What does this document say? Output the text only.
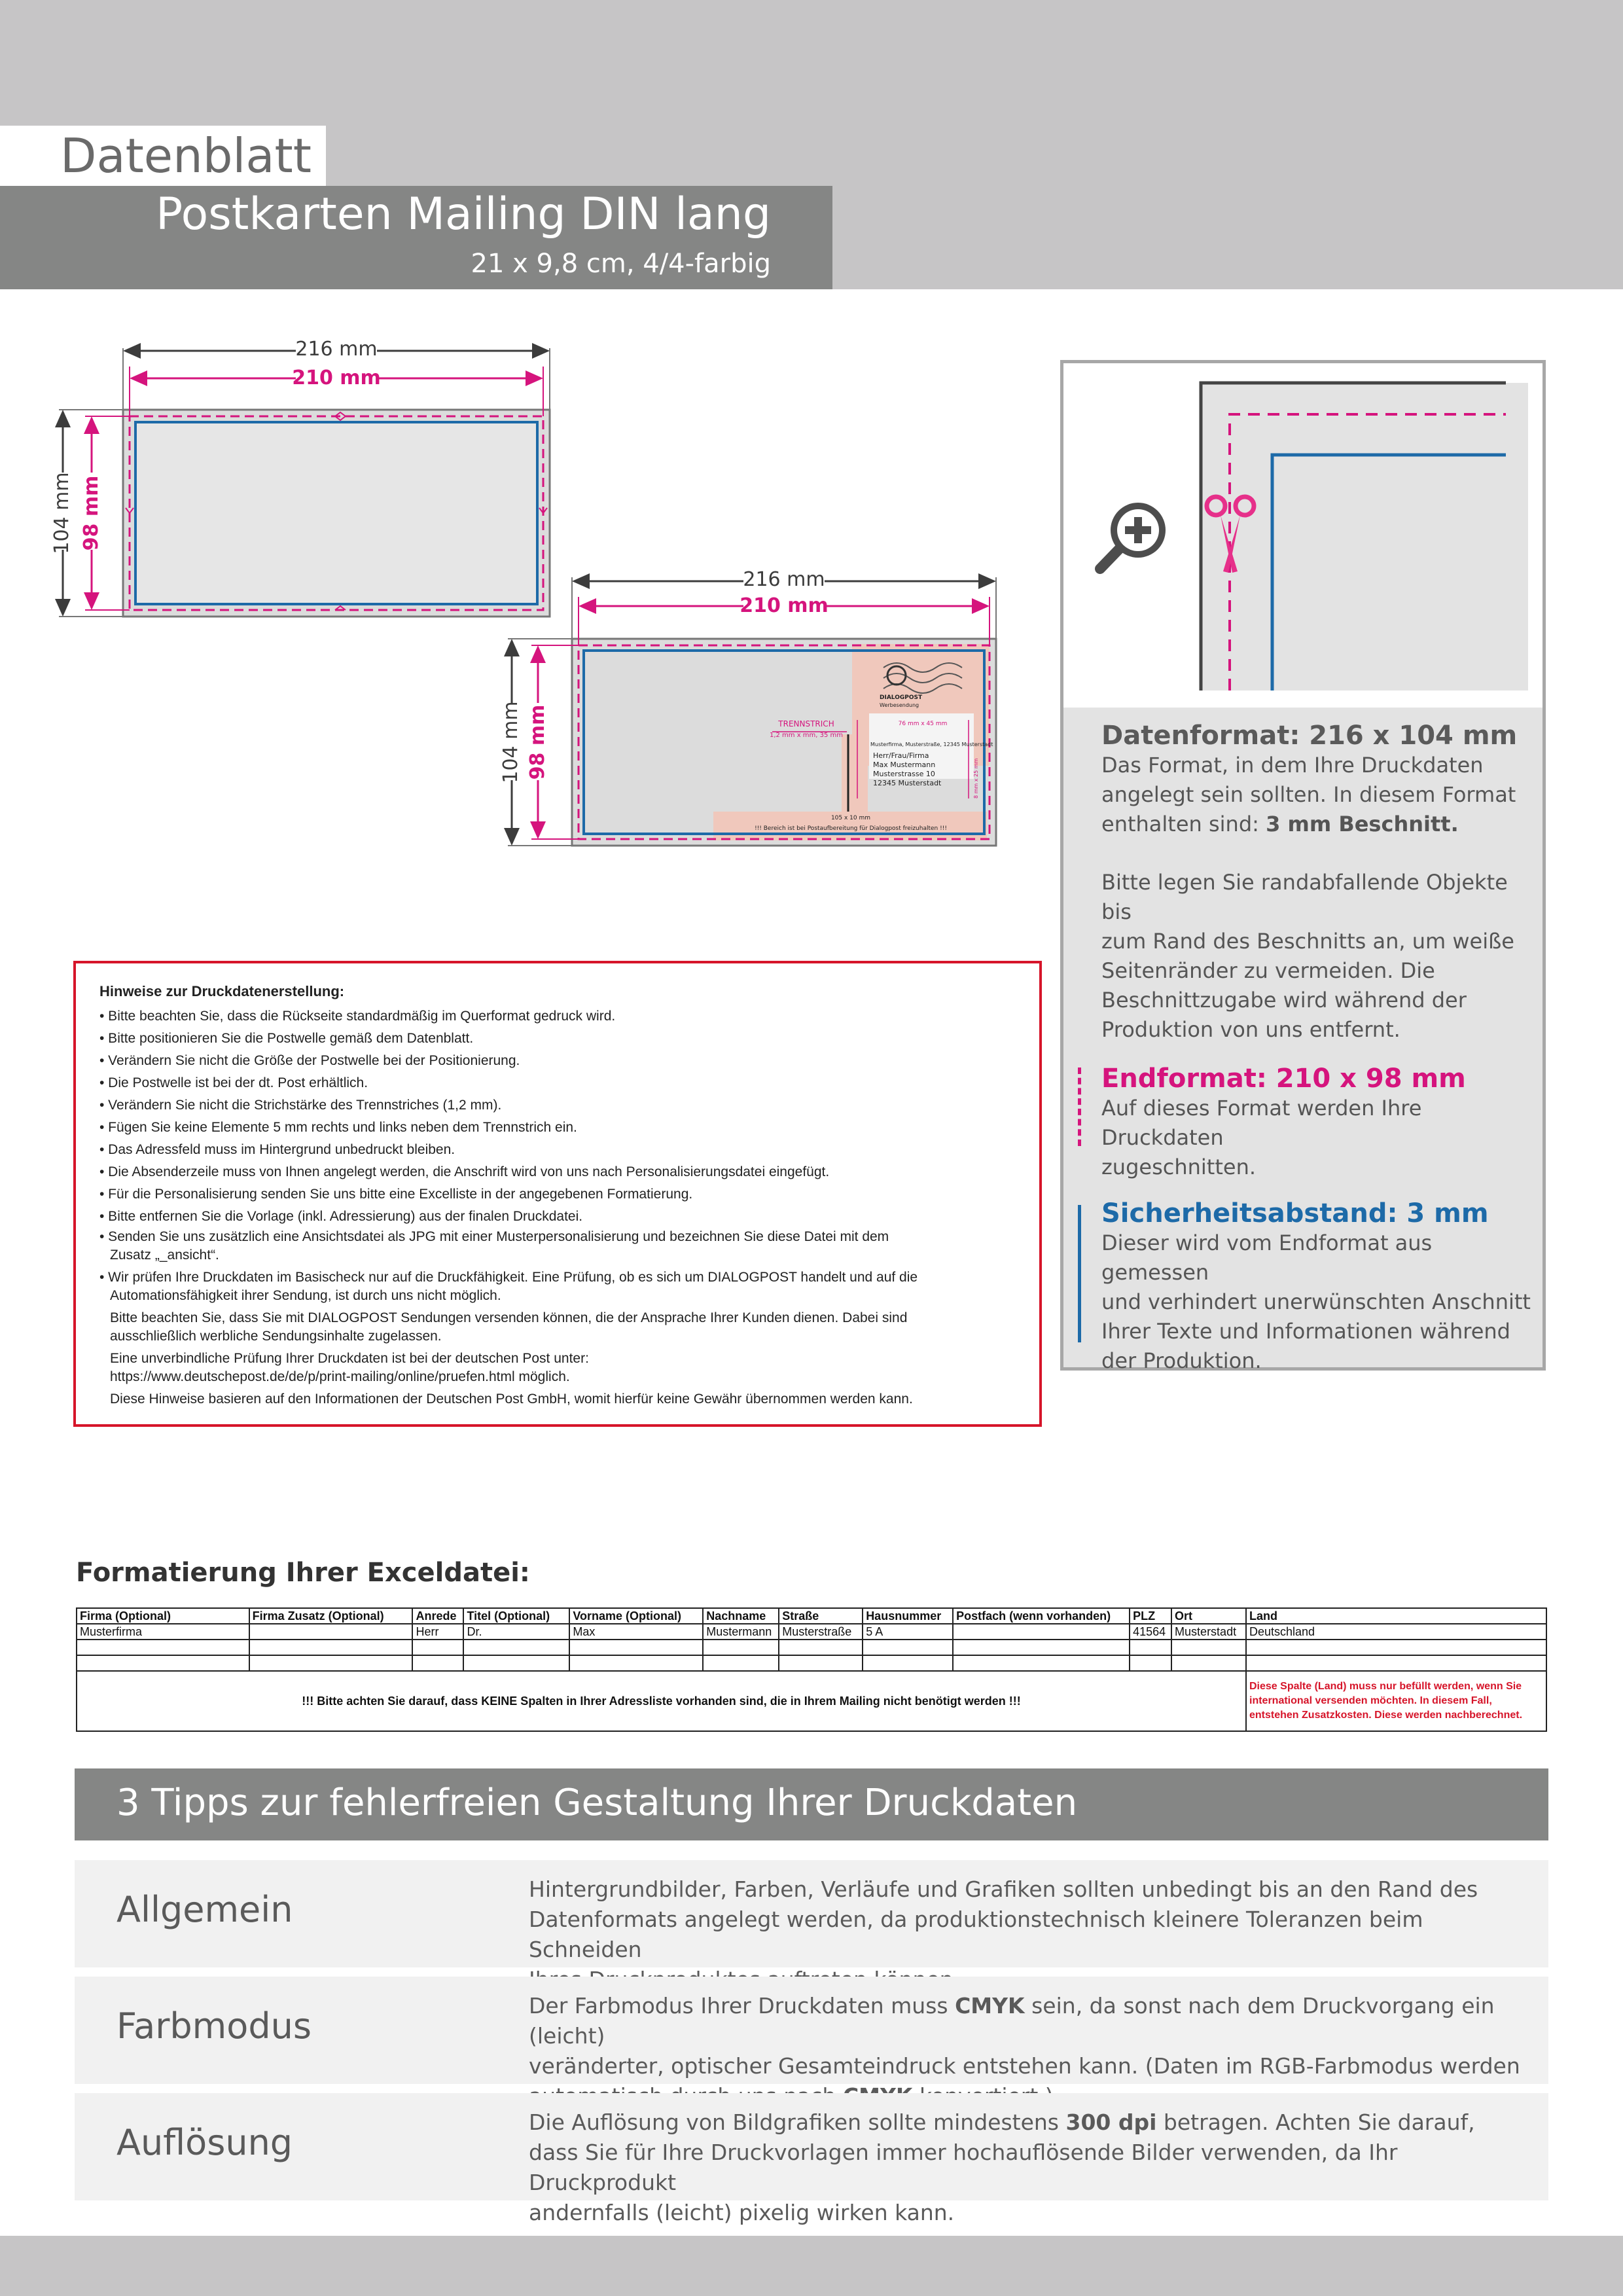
Datenblatt
Postkarten Mailing DIN lang
21 x 9,8 cm, 4/4-farbig
216 mm
210 mm
104 mm 98 mm
216 mm
210 mm
104 mm 98 mm	TRENNSTRICH
1,2 mm x mm, 35 mm
DIALOGPOST
Werbesendung
76 mm x 45 mm
Musterfirma, Musterstraße, 12345 Musterstadt
Herr/Frau/Firma
Max Mustermann
Musterstrasse 10
12345 Musterstadt	8 mm x 25 mm
105 x 10 mm
!!! Bereich ist bei Postaufbereitung für Dialogpost freizuhalten !!!
Datenformat: 216 x 104 mm
Das Format, in dem Ihre Druckdaten
angelegt sein sollten. In diesem Format
enthalten sind: 3 mm Beschnitt.
Bitte legen Sie randabfallende Objekte bis
zum Rand des Beschnitts an, um weiße
Seitenränder zu vermeiden. Die
Beschnittzugabe wird während der
Produktion von uns entfernt.
Endformat: 210 x 98 mm
Auf dieses Format werden Ihre Druckdaten
zugeschnitten.
Sicherheitsabstand: 3 mm
Dieser wird vom Endformat aus gemessen
und verhindert unerwünschten Anschnitt
Ihrer Texte und Informationen während
der Produktion.
Hinweise zur Druckdatenerstellung:
• Bitte beachten Sie, dass die Rückseite standardmäßig im Querformat gedruck wird.
• Bitte positionieren Sie die Postwelle gemäß dem Datenblatt.
• Verändern Sie nicht die Größe der Postwelle bei der Positionierung.
• Die Postwelle ist bei der dt. Post erhältlich.
• Verändern Sie nicht die Strichstärke des Trennstriches (1,2 mm).
• Fügen Sie keine Elemente 5 mm rechts und links neben dem Trennstrich ein.
• Das Adressfeld muss im Hintergrund unbedruckt bleiben.
• Die Absenderzeile muss von Ihnen angelegt werden, die Anschrift wird von uns nach Personalisierungsdatei eingefügt.
• Für die Personalisierung senden Sie uns bitte eine Excelliste in der angegebenen Formatierung.
• Bitte entfernen Sie die Vorlage (inkl. Adressierung) aus der finalen Druckdatei.
• Senden Sie uns zusätzlich eine Ansichtsdatei als JPG mit einer Musterpersonalisierung und bezeichnen Sie diese Datei mit dem
Zusatz „_ansicht“.
• Wir prüfen Ihre Druckdaten im Basischeck nur auf die Druckfähigkeit. Eine Prüfung, ob es sich um DIALOGPOST handelt und auf die
Automationsfähigkeit ihrer Sendung, ist durch uns nicht möglich.
Bitte beachten Sie, dass Sie mit DIALOGPOST Sendungen versenden können, die der Ansprache Ihrer Kunden dienen. Dabei sind
ausschließlich werbliche Sendungsinhalte zugelassen.
Eine unverbindliche Prüfung Ihrer Druckdaten ist bei der deutschen Post unter:
https://www.deutschepost.de/de/p/print-mailing/online/pruefen.html möglich.
Diese Hinweise basieren auf den Informationen der Deutschen Post GmbH, womit hierfür keine Gewähr übernommen werden kann.
Formatierung Ihrer Exceldatei:
Firma (Optional)	Firma Zusatz (Optional)	Anrede	Titel (Optional)	Vorname (Optional)	Nachname	Straße	Hausnummer	Postfach (wenn vorhanden)	PLZ	Ort	Land
Musterfirma		Herr	Dr.	Max	Mustermann	Musterstraße	5 A		41564	Musterstadt	Deutschland

!!! Bitte achten Sie darauf, dass KEINE Spalten in Ihrer Adressliste vorhanden sind, die in Ihrem Mailing nicht benötigt werden !!!											Diese Spalte (Land) muss nur befüllt werden, wenn Sie international versenden möchten. In diesem Fall, entstehen Zusatzkosten. Diese werden nachberechnet.
3 Tipps zur fehlerfreien Gestaltung Ihrer Druckdaten
Allgemein	Hintergrundbilder, Farben, Verläufe und Grafiken sollten unbedingt bis an den Rand des
Datenformats angelegt werden, da produktionstechnisch kleinere Toleranzen beim Schneiden
Farbmodus	Der Farbmodus Ihrer Druckdaten muss CMYK sein, da sonst nach dem Druckvorgang ein (leicht)
veränderter, optischer Gesamteindruck entstehen kann. (Daten im RGB-Farbmodus werden
Auflösung	Die Auflösung von Bildgrafiken sollte mindestens 300 dpi betragen. Achten Sie darauf,
dass Sie für Ihre Druckvorlagen immer hochauflösende Bilder verwenden, da Ihr Druckprodukt
andernfalls (leicht) pixelig wirken kann.
